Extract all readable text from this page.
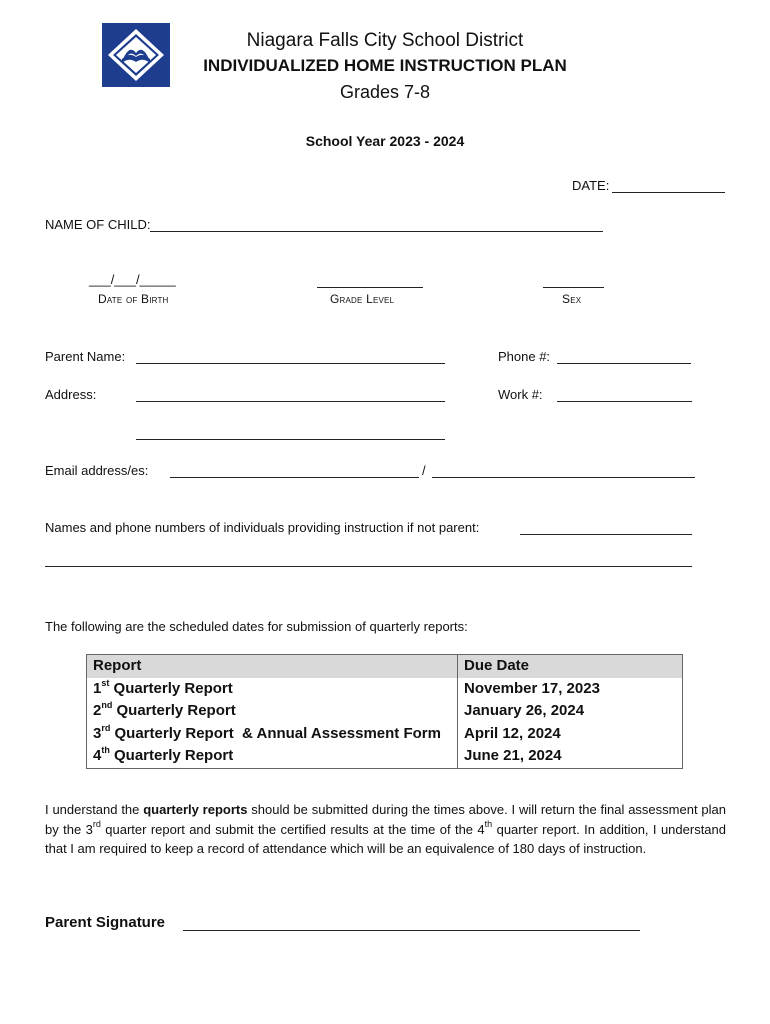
Niagara Falls City School District
INDIVIDUALIZED HOME INSTRUCTION PLAN
Grades 7-8
School Year 2023 - 2024
DATE:
NAME OF CHILD:
___/___/_____
Date of Birth	Grade Level	Sex
Parent Name:	Phone #:
Address:	Work #:
Email address/es:	/
Names and phone numbers of individuals providing instruction if not parent:
The following are the scheduled dates for submission of quarterly reports:
Report	Due Date
1st Quarterly Report	November 17, 2023
2nd Quarterly Report	January 26, 2024
3rd Quarterly Report  & Annual Assessment Form	April 12, 2024
4th Quarterly Report	June 21, 2024
I understand the quarterly reports should be submitted during the times above. I will return the final assessment plan by the 3rd quarter report and submit the certified results at the time of the 4th quarter report. In addition, I understand that I am required to keep a record of attendance which will be an equivalence of 180 days of instruction.
Parent Signature
